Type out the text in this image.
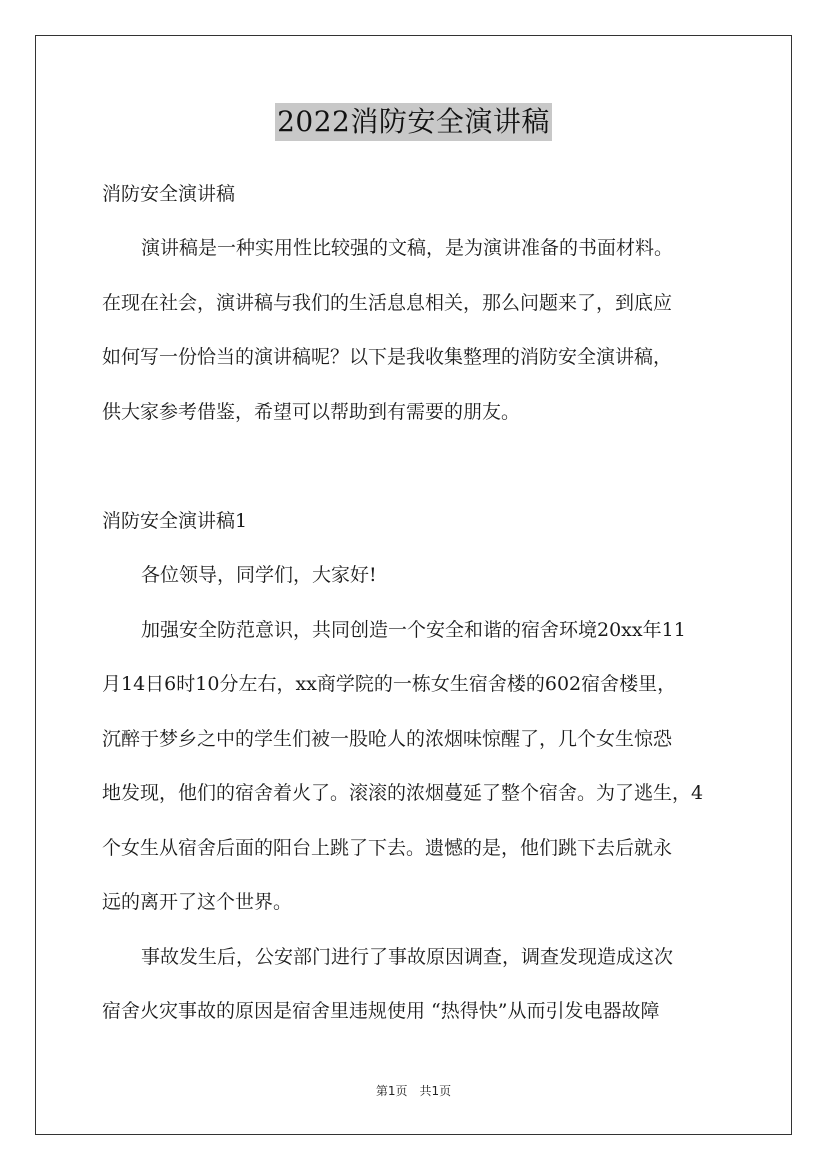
2022消防安全演讲稿
消防安全演讲稿
演讲稿是一种实用性比较强的文稿，是为演讲准备的书面材料。
在现在社会，演讲稿与我们的生活息息相关，那么问题来了，到底应
如何写一份恰当的演讲稿呢？以下是我收集整理的消防安全演讲稿，
供大家参考借鉴，希望可以帮助到有需要的朋友。
消防安全演讲稿1
各位领导，同学们，大家好!
加强安全防范意识，共同创造一个安全和谐的宿舍环境20xx年11
月14日6时10分左右，xx商学院的一栋女生宿舍楼的602宿舍楼里，
沉醉于梦乡之中的学生们被一股呛人的浓烟味惊醒了，几个女生惊恐
地发现，他们的宿舍着火了。滚滚的浓烟蔓延了整个宿舍。为了逃生，4
个女生从宿舍后面的阳台上跳了下去。遗憾的是，他们跳下去后就永
远的离开了这个世界。
事故发生后，公安部门进行了事故原因调查，调查发现造成这次
宿舍火灾事故的原因是宿舍里违规使用 “热得快”从而引发电器故障
第1页　共1页
